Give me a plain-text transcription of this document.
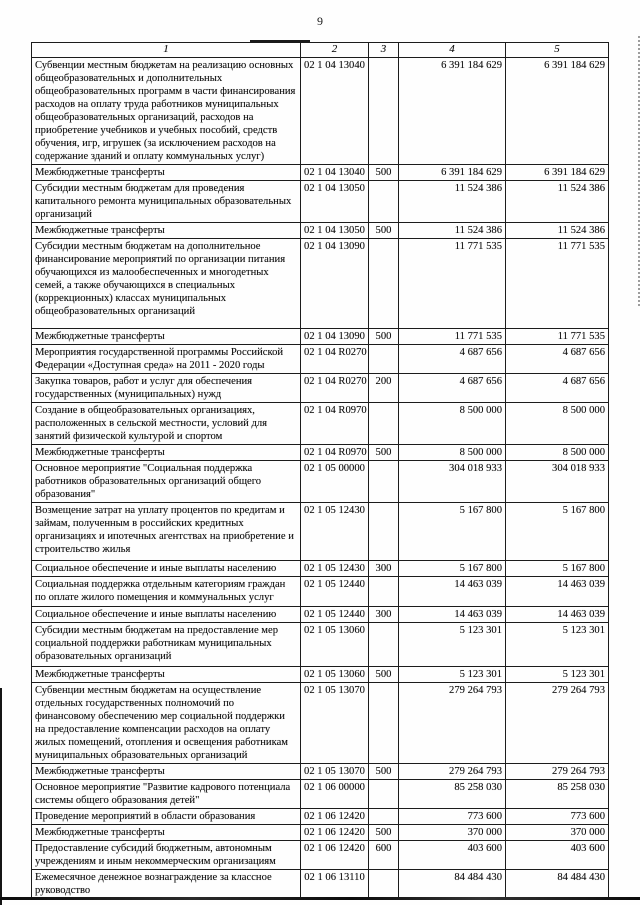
9
1	2	3	4	5
Субвенции местным бюджетам на реализацию основных общеобразовательных и дополнительных общеобразовательных программ в части финансирования расходов на оплату труда работников муниципальных общеобразовательных организаций, расходов на приобретение учебников и учебных пособий, средств обучения, игр, игрушек (за исключением расходов на содержание зданий и оплату коммунальных услуг)	02 1 04 13040		6 391 184 629	6 391 184 629
Межбюджетные трансферты	02 1 04 13040	500	6 391 184 629	6 391 184 629
Субсидии местным бюджетам для проведения капитального ремонта муниципальных образовательных организаций	02 1 04 13050		11 524 386	11 524 386
Межбюджетные трансферты	02 1 04 13050	500	11 524 386	11 524 386
Субсидии местным бюджетам на дополнительное финансирование мероприятий по организации питания обучающихся из малообеспеченных и многодетных семей, а также обучающихся в специальных (коррекционных) классах муниципальных общеобразовательных организаций	02 1 04 13090		11 771 535	11 771 535
Межбюджетные трансферты	02 1 04 13090	500	11 771 535	11 771 535
Мероприятия государственной программы Российской Федерации «Доступная среда» на 2011 - 2020 годы	02 1 04 R0270		4 687 656	4 687 656
Закупка товаров, работ и услуг для обеспечения государственных (муниципальных) нужд	02 1 04 R0270	200	4 687 656	4 687 656
Создание в общеобразовательных организациях, расположенных в сельской местности, условий для занятий физической культурой и спортом	02 1 04 R0970		8 500 000	8 500 000
Межбюджетные трансферты	02 1 04 R0970	500	8 500 000	8 500 000
Основное мероприятие "Социальная поддержка работников образовательных организаций общего образования"	02 1 05 00000		304 018 933	304 018 933
Возмещение затрат на уплату процентов по кредитам и займам, полученным в российских кредитных организациях и ипотечных агентствах на приобретение и строительство жилья	02 1 05 12430		5 167 800	5 167 800
Социальное обеспечение и иные выплаты населению	02 1 05 12430	300	5 167 800	5 167 800
Социальная поддержка отдельным категориям граждан по оплате жилого помещения и коммунальных услуг	02 1 05 12440		14 463 039	14 463 039
Социальное обеспечение и иные выплаты населению	02 1 05 12440	300	14 463 039	14 463 039
Субсидии местным бюджетам на предоставление мер социальной поддержки работникам муниципальных образовательных организаций	02 1 05 13060		5 123 301	5 123 301
Межбюджетные трансферты	02 1 05 13060	500	5 123 301	5 123 301
Субвенции местным бюджетам на осуществление отдельных государственных полномочий по финансовому обеспечению мер социальной поддержки на предоставление компенсации расходов на оплату жилых помещений, отопления и освещения работникам муниципальных образовательных организаций	02 1 05 13070		279 264 793	279 264 793
Межбюджетные трансферты	02 1 05 13070	500	279 264 793	279 264 793
Основное мероприятие "Развитие кадрового потенциала системы общего образования детей"	02 1 06 00000		85 258 030	85 258 030
Проведение мероприятий в области образования	02 1 06 12420		773 600	773 600
Межбюджетные трансферты	02 1 06 12420	500	370 000	370 000
Предоставление субсидий бюджетным, автономным учреждениям и иным некоммерческим организациям	02 1 06 12420	600	403 600	403 600
Ежемесячное денежное вознаграждение за классное руководство	02 1 06 13110		84 484 430	84 484 430
